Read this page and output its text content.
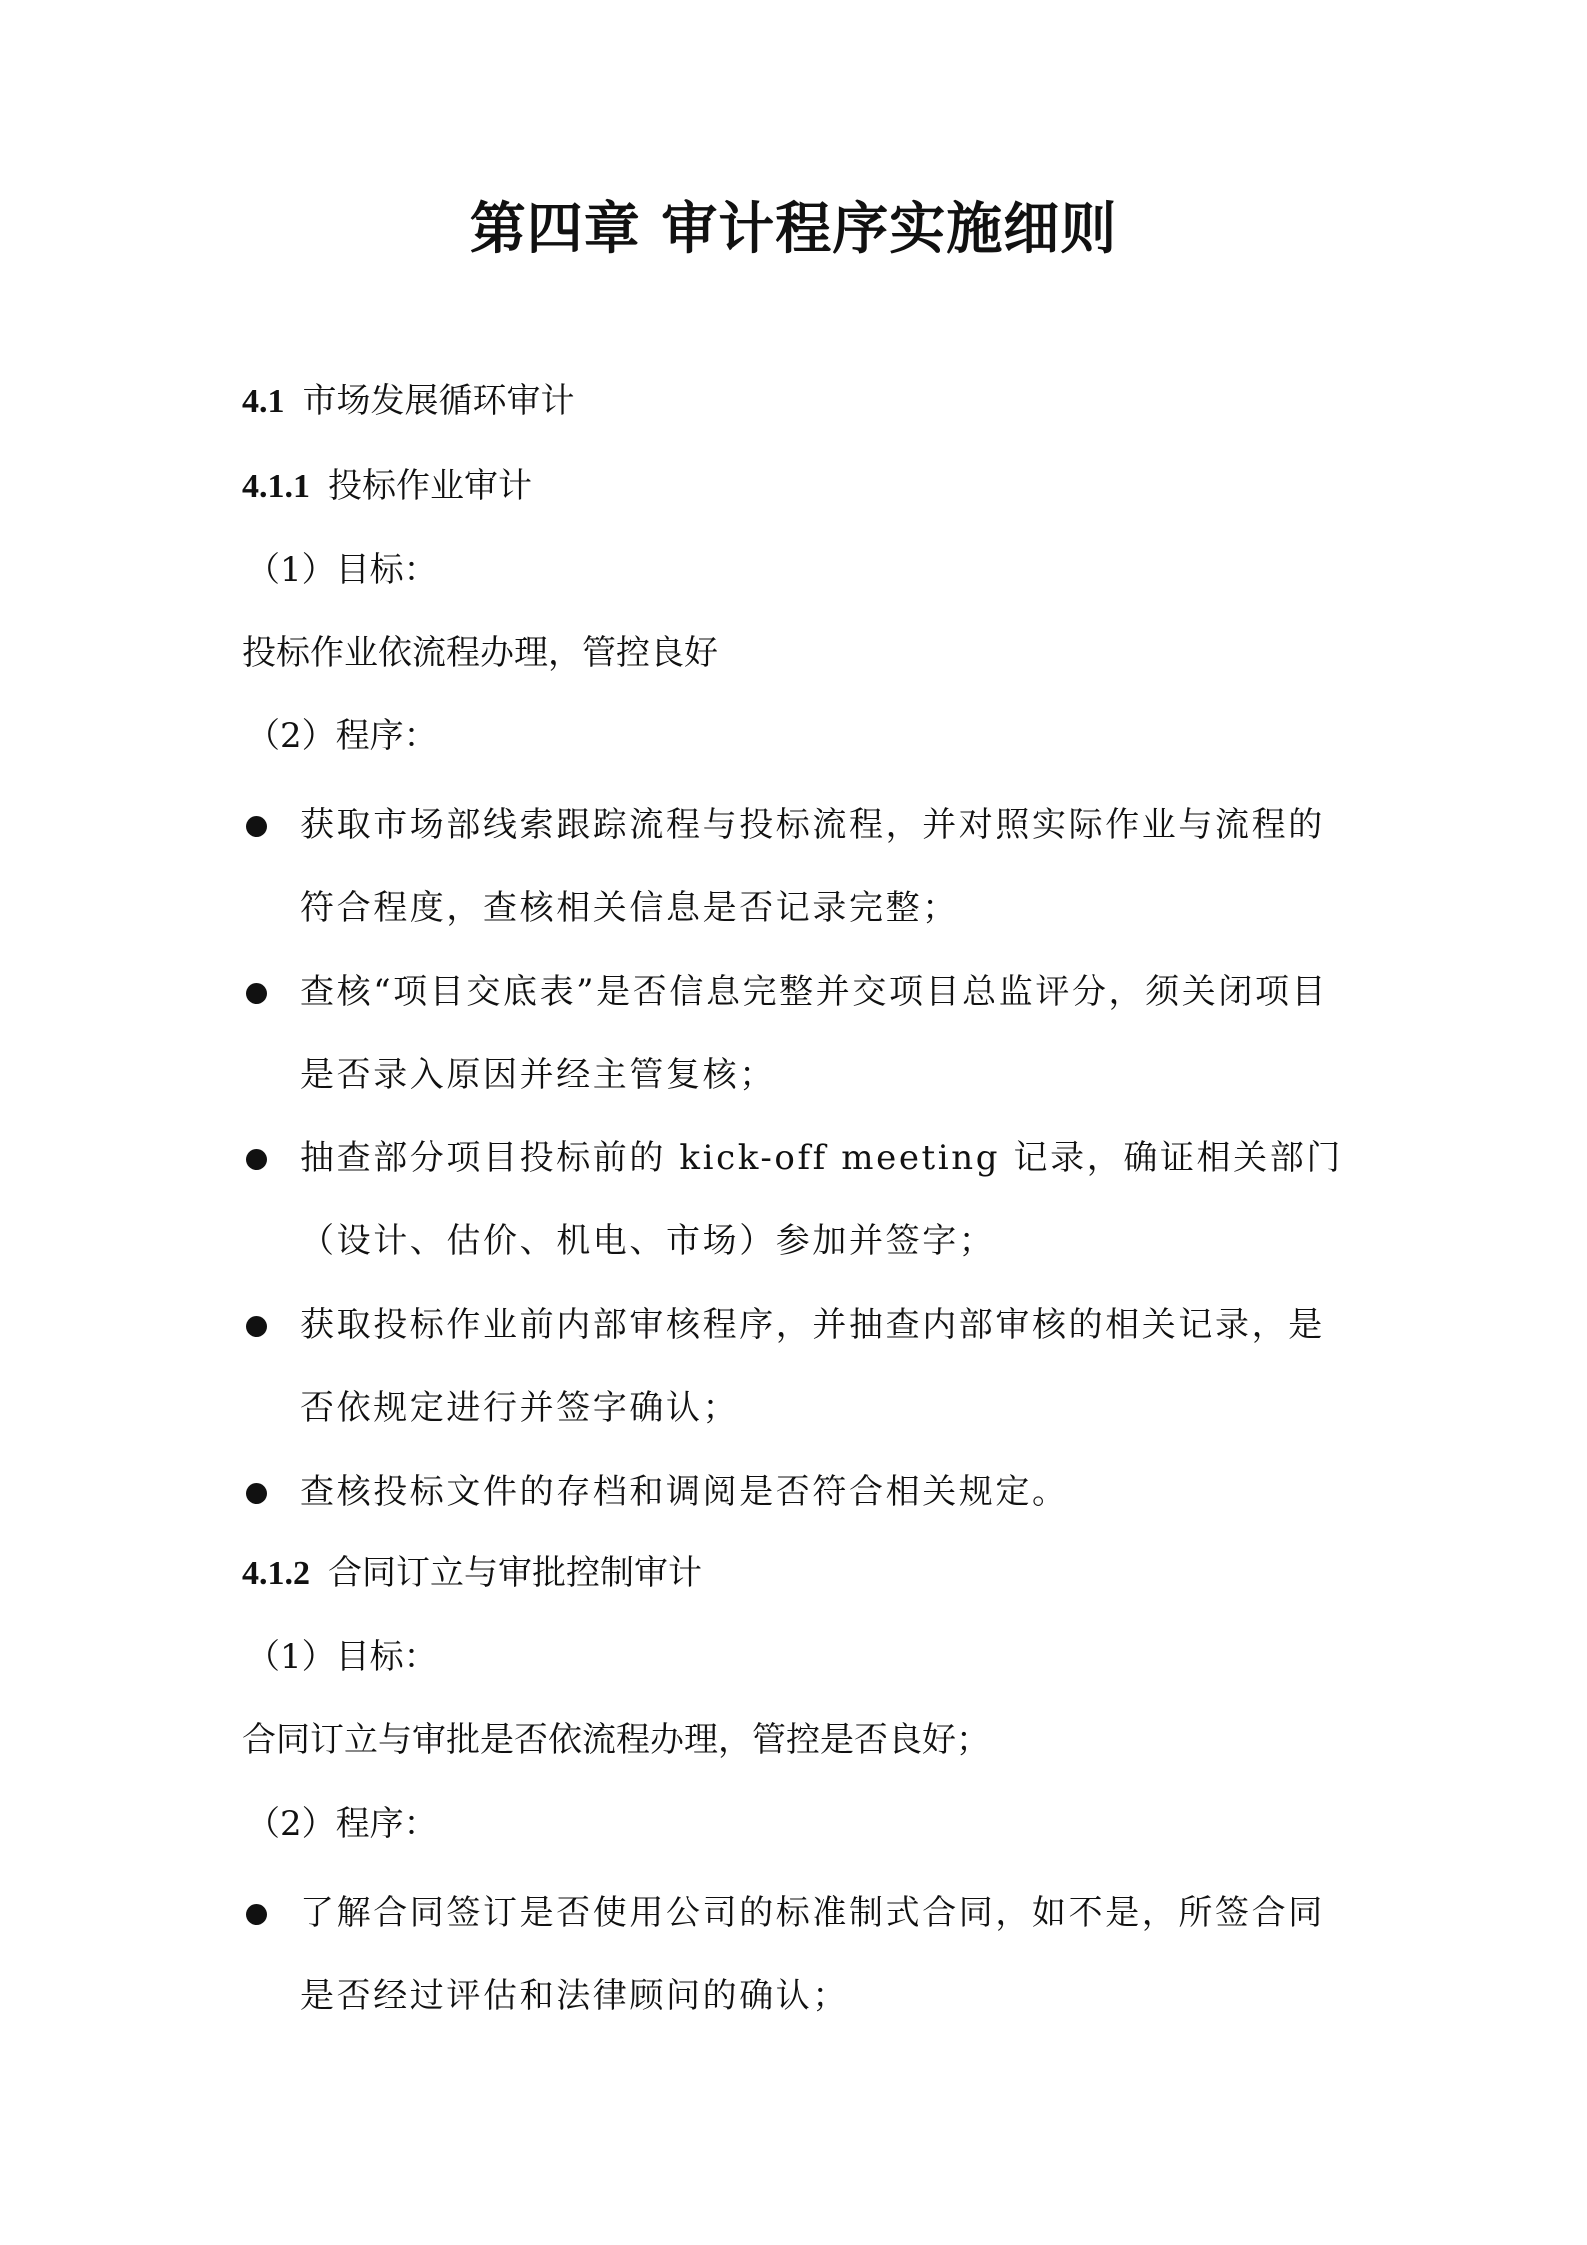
第四章 审计程序实施细则
4.1 市场发展循环审计
4.1.1 投标作业审计
（1）目标：
投标作业依流程办理，管控良好
（2）程序：
获取市场部线索跟踪流程与投标流程，并对照实际作业与流程的符合程度，查核相关信息是否记录完整；
查核“项目交底表”是否信息完整并交项目总监评分，须关闭项目是否录入原因并经主管复核；
抽查部分项目投标前的 kick-off meeting 记录，确证相关部门（设计、估价、机电、市场）参加并签字；
获取投标作业前内部审核程序，并抽查内部审核的相关记录，是否依规定进行并签字确认；
查核投标文件的存档和调阅是否符合相关规定。
4.1.2 合同订立与审批控制审计
（1）目标：
合同订立与审批是否依流程办理，管控是否良好；
（2）程序：
了解合同签订是否使用公司的标准制式合同，如不是，所签合同是否经过评估和法律顾问的确认；
